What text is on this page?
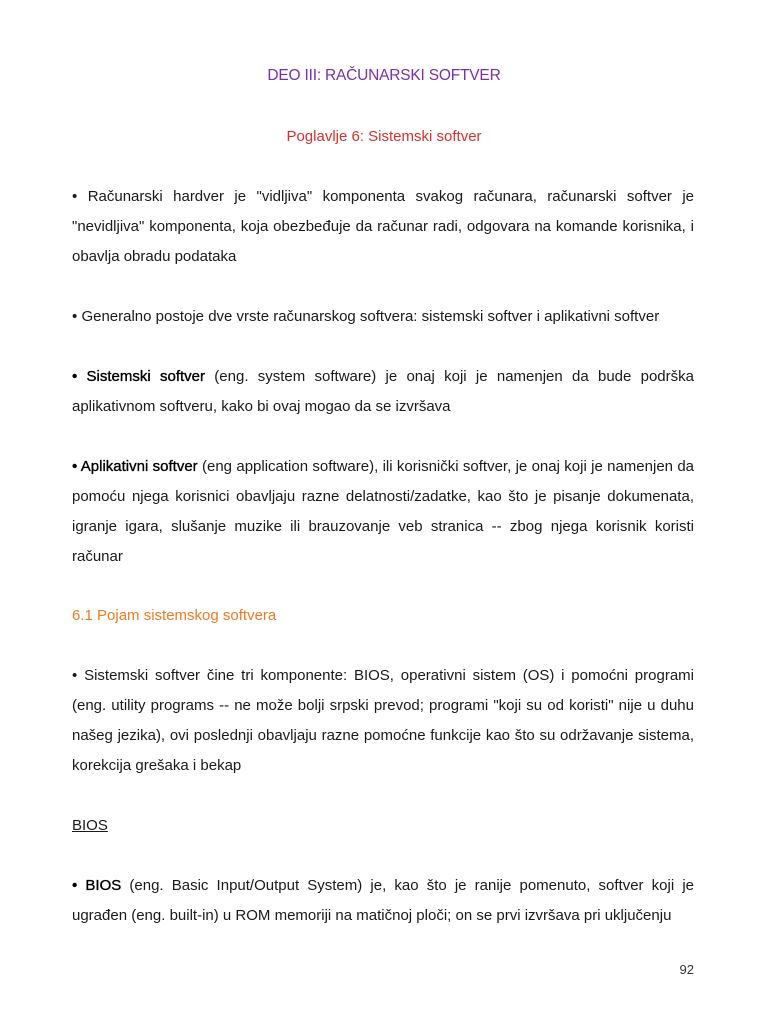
DEO III: RAČUNARSKI SOFTVER
Poglavlje 6: Sistemski softver

• Računarski hardver je "vidljiva" komponenta svakog računara, računarski softver je "nevidljiva" komponenta, koja obezbeđuje da računar radi, odgovara na komande korisnika, i obavlja obradu podataka

• Generalno postoje dve vrste računarskog softvera: sistemski softver i aplikativni softver

• Sistemski softver (eng. system software) je onaj koji je namenjen da bude podrška aplikativnom softveru, kako bi ovaj mogao da se izvršava

• Aplikativni softver (eng application software), ili korisnički softver, je onaj koji je namenjen da pomoću njega korisnici obavljaju razne delatnosti/zadatke, kao što je pisanje dokumenata, igranje igara, slušanje muzike ili brauzovanje veb stranica -- zbog njega korisnik koristi računar

6.1 Pojam sistemskog softvera

• Sistemski softver čine tri komponente: BIOS, operativni sistem (OS) i pomoćni programi (eng. utility programs -- ne može bolji srpski prevod; programi "koji su od koristi" nije u duhu našeg jezika), ovi poslednji obavljaju razne pomoćne funkcije kao što su održavanje sistema, korekcija grešaka i bekap

BIOS

• BIOS (eng. Basic Input/Output System) je, kao što je ranije pomenuto, softver koji je ugrađen (eng. built-in) u ROM memoriji na matičnoj ploči; on se prvi izvršava pri uključenju

92
